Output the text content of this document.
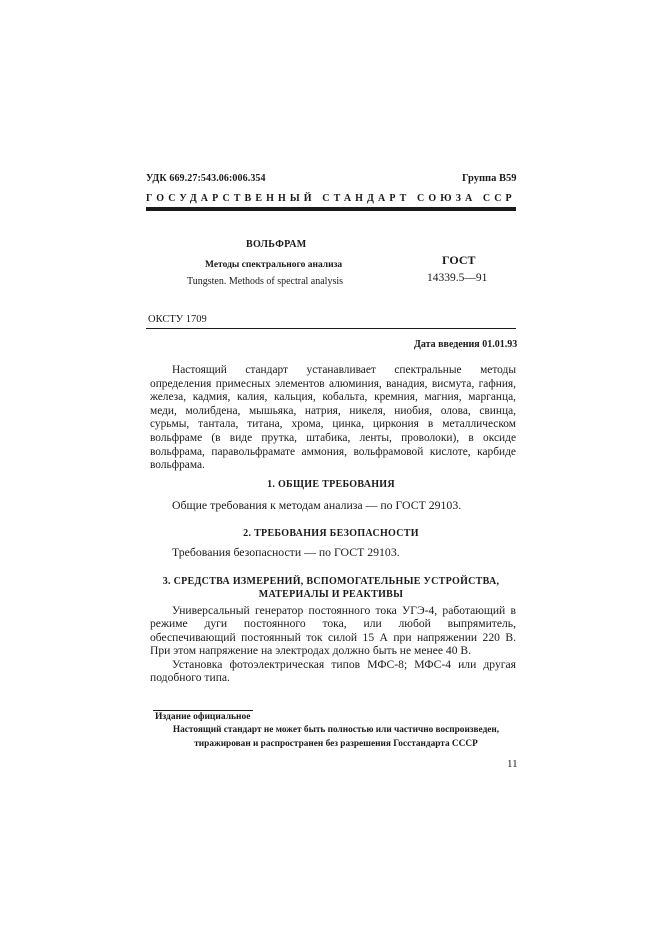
УДК 669.27:543.06:006.354	Группа В59
ГОСУДАРСТВЕННЫЙ СТАНДАРТ СОЮЗА ССР
ВОЛЬФРАМ
Методы спектрального анализа
Tungsten. Methods of spectral analysis
ГОСТ
14339.5—91
ОКСТУ 1709
Дата введения 01.01.93

Настоящий стандарт устанавливает спектральные методы определения примесных элементов алюминия, ванадия, висмута, гафния, железа, кадмия, калия, кальция, кобальта, кремния, магния, марганца, меди, молибдена, мышьяка, натрия, никеля, ниобия, олова, свинца, сурьмы, тантала, титана, хрома, цинка, циркония в металлическом вольфраме (в виде прутка, штабика, ленты, проволоки), в оксиде вольфрама, паравольфрамате аммония, вольфрамовой кислоте, карбиде вольфрама.

1. ОБЩИЕ ТРЕБОВАНИЯ

Общие требования к методам анализа — по ГОСТ 29103.

2. ТРЕБОВАНИЯ БЕЗОПАСНОСТИ

Требования безопасности — по ГОСТ 29103.

3. СРЕДСТВА ИЗМЕРЕНИЙ, ВСПОМОГАТЕЛЬНЫЕ УСТРОЙСТВА,
МАТЕРИАЛЫ И РЕАКТИВЫ

Универсальный генератор постоянного тока УГЭ-4, работающий в режиме дуги постоянного тока, или любой выпрямитель, обеспечивающий постоянный ток силой 15 А при напряжении 220 В. При этом напряжение на электродах должно быть не менее 40 В.

Установка фотоэлектрическая типов МФС-8; МФС-4 или другая подобного типа.

Издание официальное
Настоящий стандарт не может быть полностью или частично воспроизведен, тиражирован и распространен без разрешения Госстандарта СССР
11
